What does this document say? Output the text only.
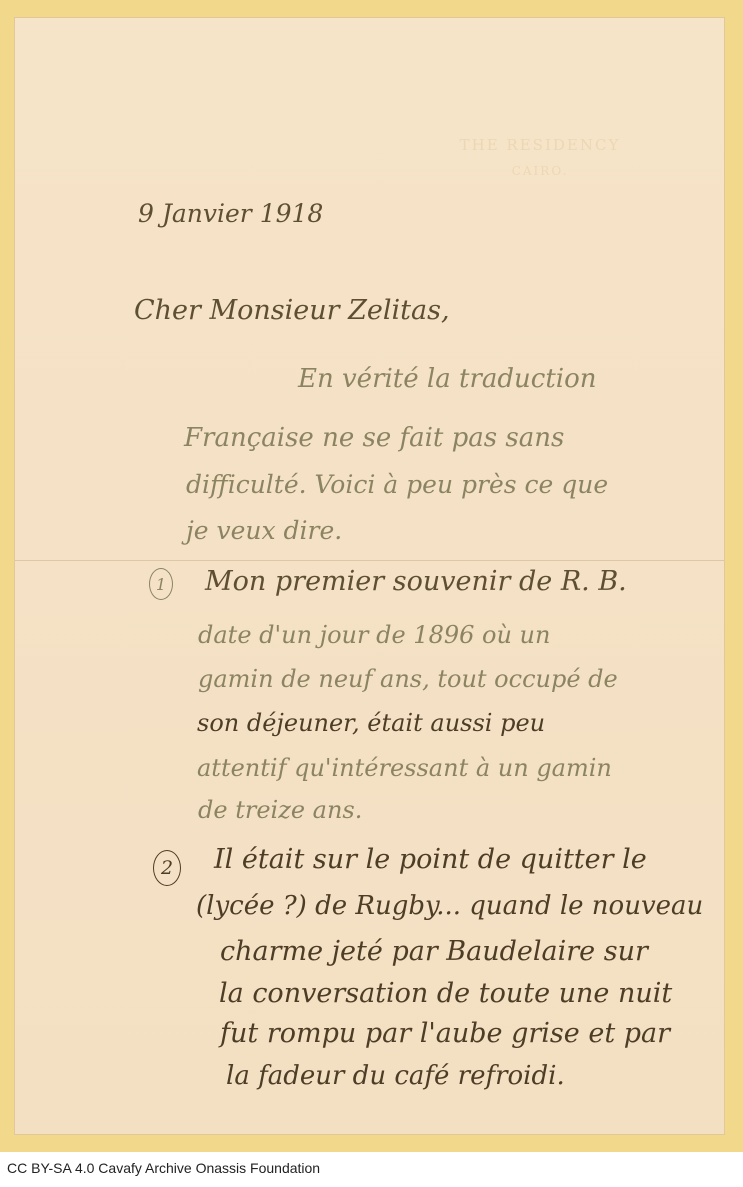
THE RESIDENCY
CAIRO.
9 Janvier 1918
Cher Monsieur Zelitas,
En vérité la traduction
Française ne se fait pas sans
difficulté. Voici à peu près ce que
je veux dire.
1 Mon premier souvenir de R. B.
date d'un jour de 1896 où un
gamin de neuf ans, tout occupé de
son déjeuner, était aussi peu
attentif qu'intéressant à un gamin
de treize ans.
2 Il était sur le point de quitter le
(lycée ?) de Rugby... quand le nouveau
charme jeté par Baudelaire sur
la conversation de toute une nuit
fut rompu par l'aube grise et par
la fadeur du café refroidi.
CC BY-SA 4.0 Cavafy Archive Onassis Foundation
